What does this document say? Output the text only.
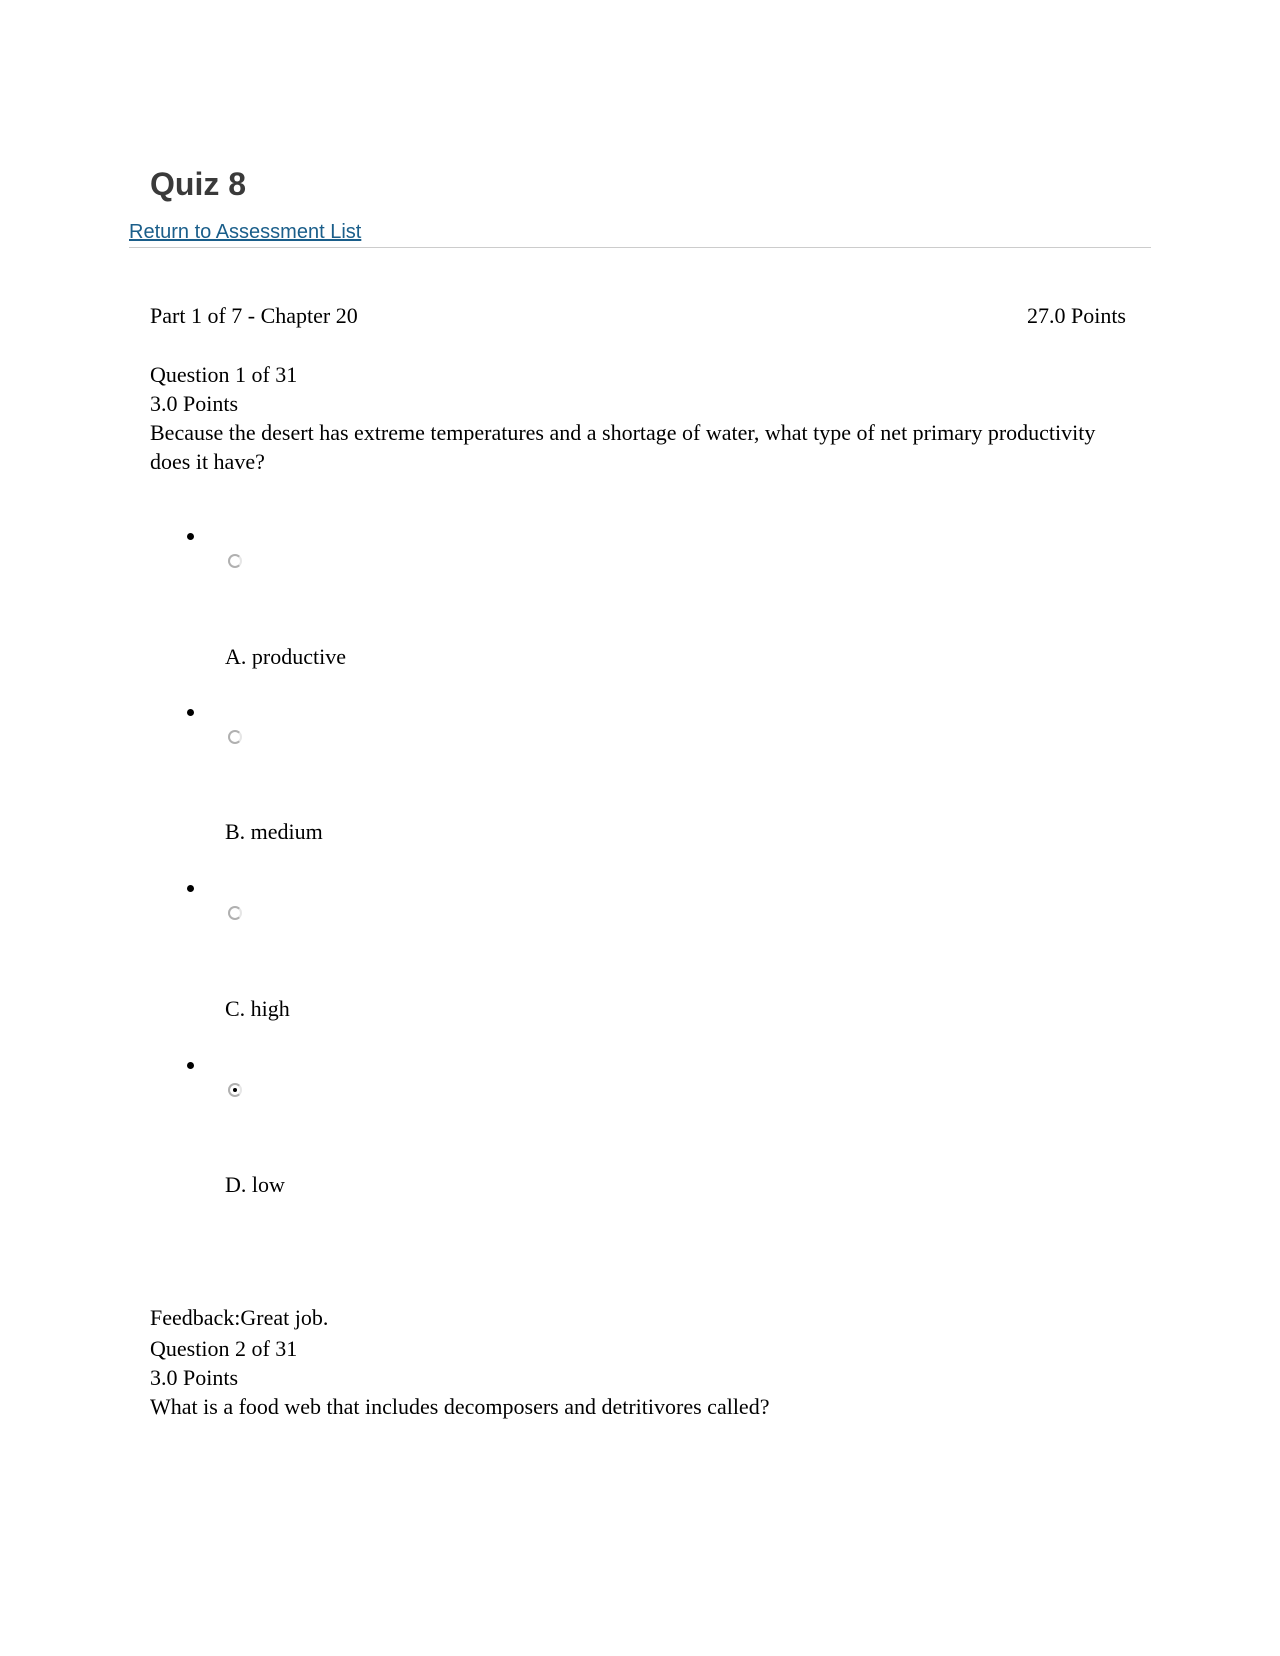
Quiz 8
Return to Assessment List
Part 1 of 7 - Chapter 20	27.0 Points
Question 1 of 31
3.0 Points
Because the desert has extreme temperatures and a shortage of water, what type of net primary productivity does it have?
A. productive
B. medium
C. high
D. low
Feedback:Great job.
Question 2 of 31
3.0 Points
What is a food web that includes decomposers and detritivores called?
